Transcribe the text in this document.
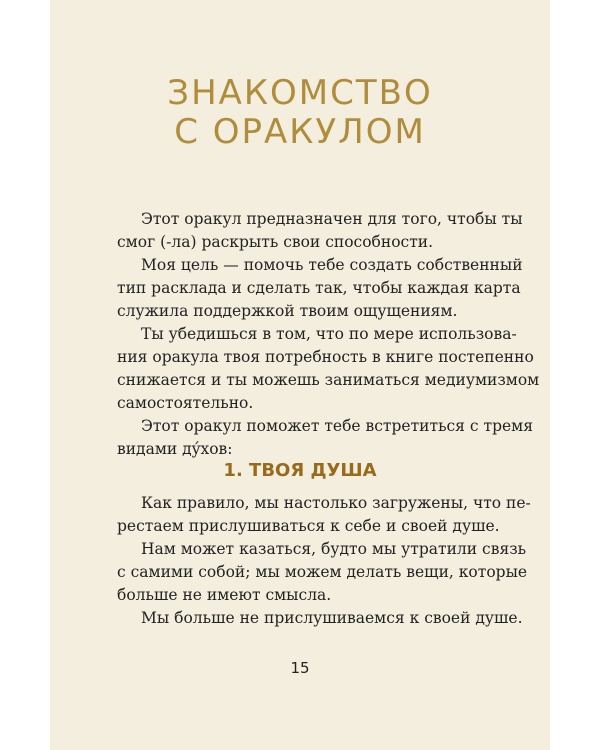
ЗНАКОМСТВО
С ОРАКУЛОМ
Этот оракул предназначен для того, чтобы ты
смог (-ла) раскрыть свои способности.
Моя цель — помочь тебе создать собственный
тип расклада и сделать так, чтобы каждая карта
служила поддержкой твоим ощущениям.
Ты убедишься в том, что по мере использова-
ния оракула твоя потребность в книге постепенно
снижается и ты можешь заниматься медиумизмом
самостоятельно.
Этот оракул поможет тебе встретиться с тремя
видами дýхов:
1. ТВОЯ ДУША
Как правило, мы настолько загружены, что пе-
рестаем прислушиваться к себе и своей душе.
Нам может казаться, будто мы утратили связь
с самими собой; мы можем делать вещи, которые
больше не имеют смысла.
Мы больше не прислушиваемся к своей душе.
15
